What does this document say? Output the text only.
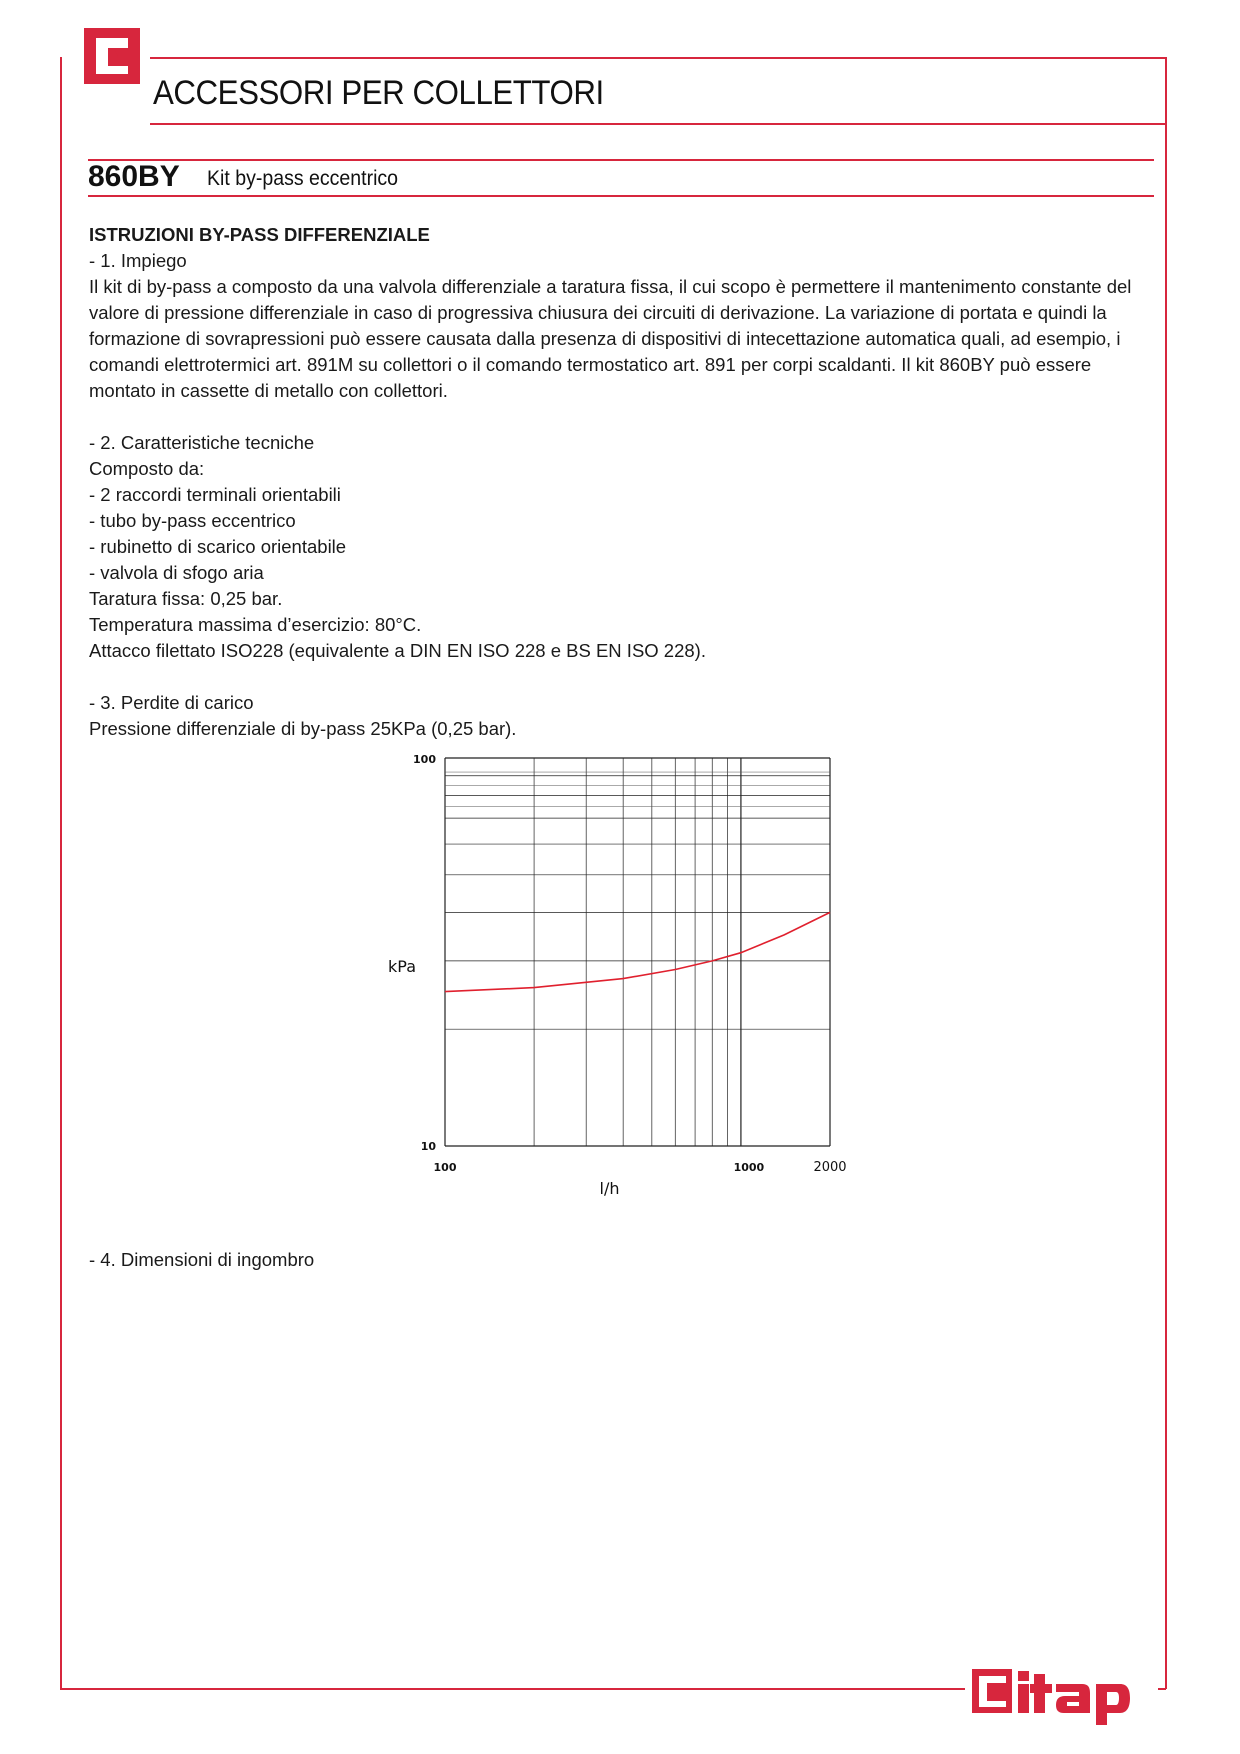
ACCESSORI PER COLLETTORI
860BY Kit by-pass eccentrico
ISTRUZIONI BY-PASS DIFFERENZIALE
- 1. Impiego
Il kit di by-pass a composto da una valvola differenziale a taratura fissa, il cui scopo è permettere il mantenimento constante del
valore di pressione differenziale in caso di progressiva chiusura dei circuiti di derivazione. La variazione di portata e quindi la
formazione di sovrapressioni può essere causata dalla presenza di dispositivi di intecettazione automatica quali, ad esempio, i
comandi elettrotermici art. 891M su collettori o il comando termostatico art. 891 per corpi scaldanti. Il kit 860BY può essere
montato in cassette di metallo con collettori.
- 2. Caratteristiche tecniche
Composto da:
- 2 raccordi terminali orientabili
- tubo by-pass eccentrico
- rubinetto di scarico orientabile
- valvola di sfogo aria
Taratura fissa: 0,25 bar.
Temperatura massima d’esercizio: 80°C.
Attacco filettato ISO228 (equivalente a DIN EN ISO 228 e BS EN ISO 228).
- 3. Perdite di carico
Pressione differenziale di by-pass 25KPa (0,25 bar).
100
10
100	1000	2000
kPa
l/h
- 4. Dimensioni di ingombro
